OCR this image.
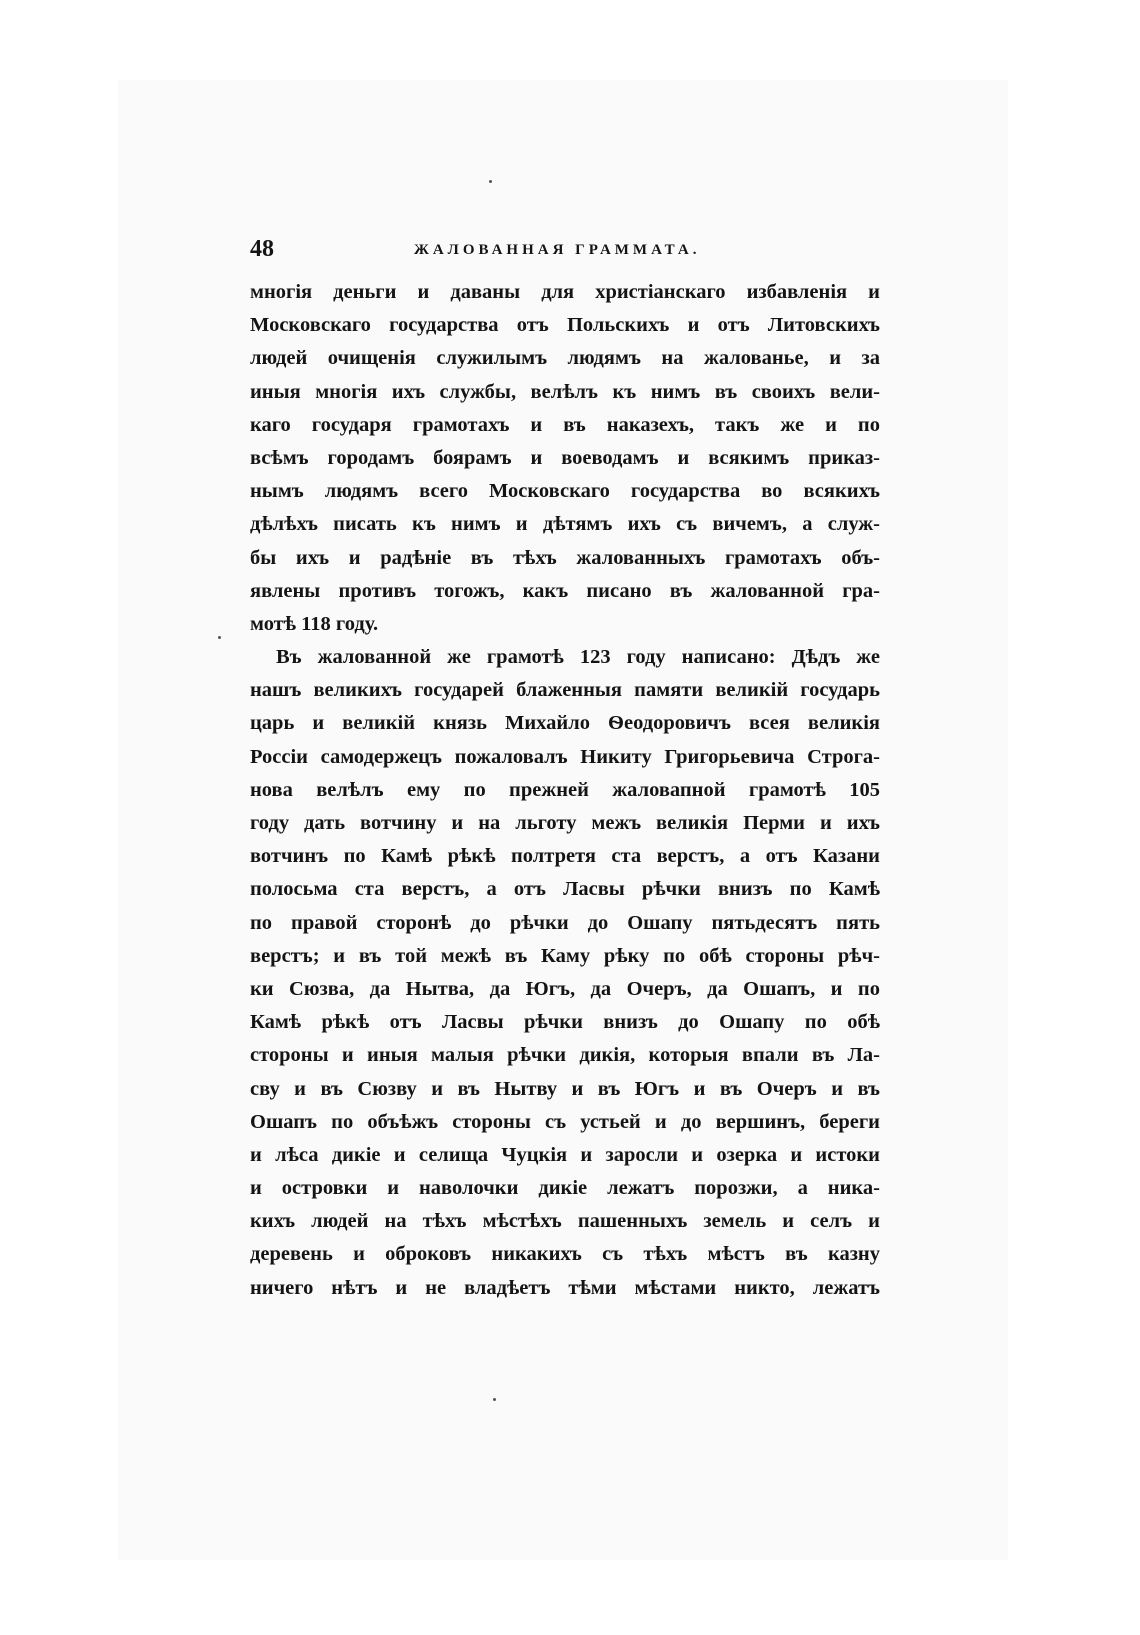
48	ЖАЛОВАННАЯ ГРАММАТА.
многія деньги и даваны для христіанскаго избавленія и
Московскаго государства отъ Польскихъ и отъ Литовскихъ
людей очищенія служилымъ людямъ на жалованье, и за
иныя многія ихъ службы, велѣлъ къ нимъ въ своихъ вели-
каго государя грамотахъ и въ наказехъ, такъ же и по
всѣмъ городамъ боярамъ и воеводамъ и всякимъ приказ-
нымъ людямъ всего Московскаго государства во всякихъ
дѣлѣхъ писать къ нимъ и дѣтямъ ихъ съ вичемъ, а служ-
бы ихъ и радѣніе въ тѣхъ жалованныхъ грамотахъ объ-
явлены противъ тогожъ, какъ писано въ жалованной гра-
мотѣ 118 году.
Въ жалованной же грамотѣ 123 году написано: Дѣдъ же
нашъ великихъ государей блаженныя памяти великій государь
царь и великій князь Михайло Ѳеодоровичъ всея великія
Россіи самодержецъ пожаловалъ Никиту Григорьевича Строга-
нова велѣлъ ему по прежней жаловапной грамотѣ 105
году дать вотчину и на льготу межъ великія Перми и ихъ
вотчинъ по Камѣ рѣкѣ полтретя ста верстъ, а отъ Казани
полосьма ста верстъ, а отъ Ласвы рѣчки внизъ по Камѣ
по правой сторонѣ до рѣчки до Ошапу пятьдесятъ пять
верстъ; и въ той межѣ въ Каму рѣку по обѣ стороны рѣч-
ки Сюзва, да Нытва, да Югъ, да Очеръ, да Ошапъ, и по
Камѣ рѣкѣ отъ Ласвы рѣчки внизъ до Ошапу по обѣ
стороны и иныя малыя рѣчки дикія, которыя впали въ Ла-
сву и въ Сюзву и въ Нытву и въ Югъ и въ Очеръ и въ
Ошапъ по объѣжъ стороны съ устьей и до вершинъ, береги
и лѣса дикіе и селища Чуцкія и заросли и озерка и истоки
и островки и наволочки дикіе лежатъ порозжи, а ника-
кихъ людей на тѣхъ мѣстѣхъ пашенныхъ земель и селъ и
деревень и оброковъ никакихъ съ тѣхъ мѣстъ въ казну
ничего нѣтъ и не владѣетъ тѣми мѣстами никто, лежатъ
